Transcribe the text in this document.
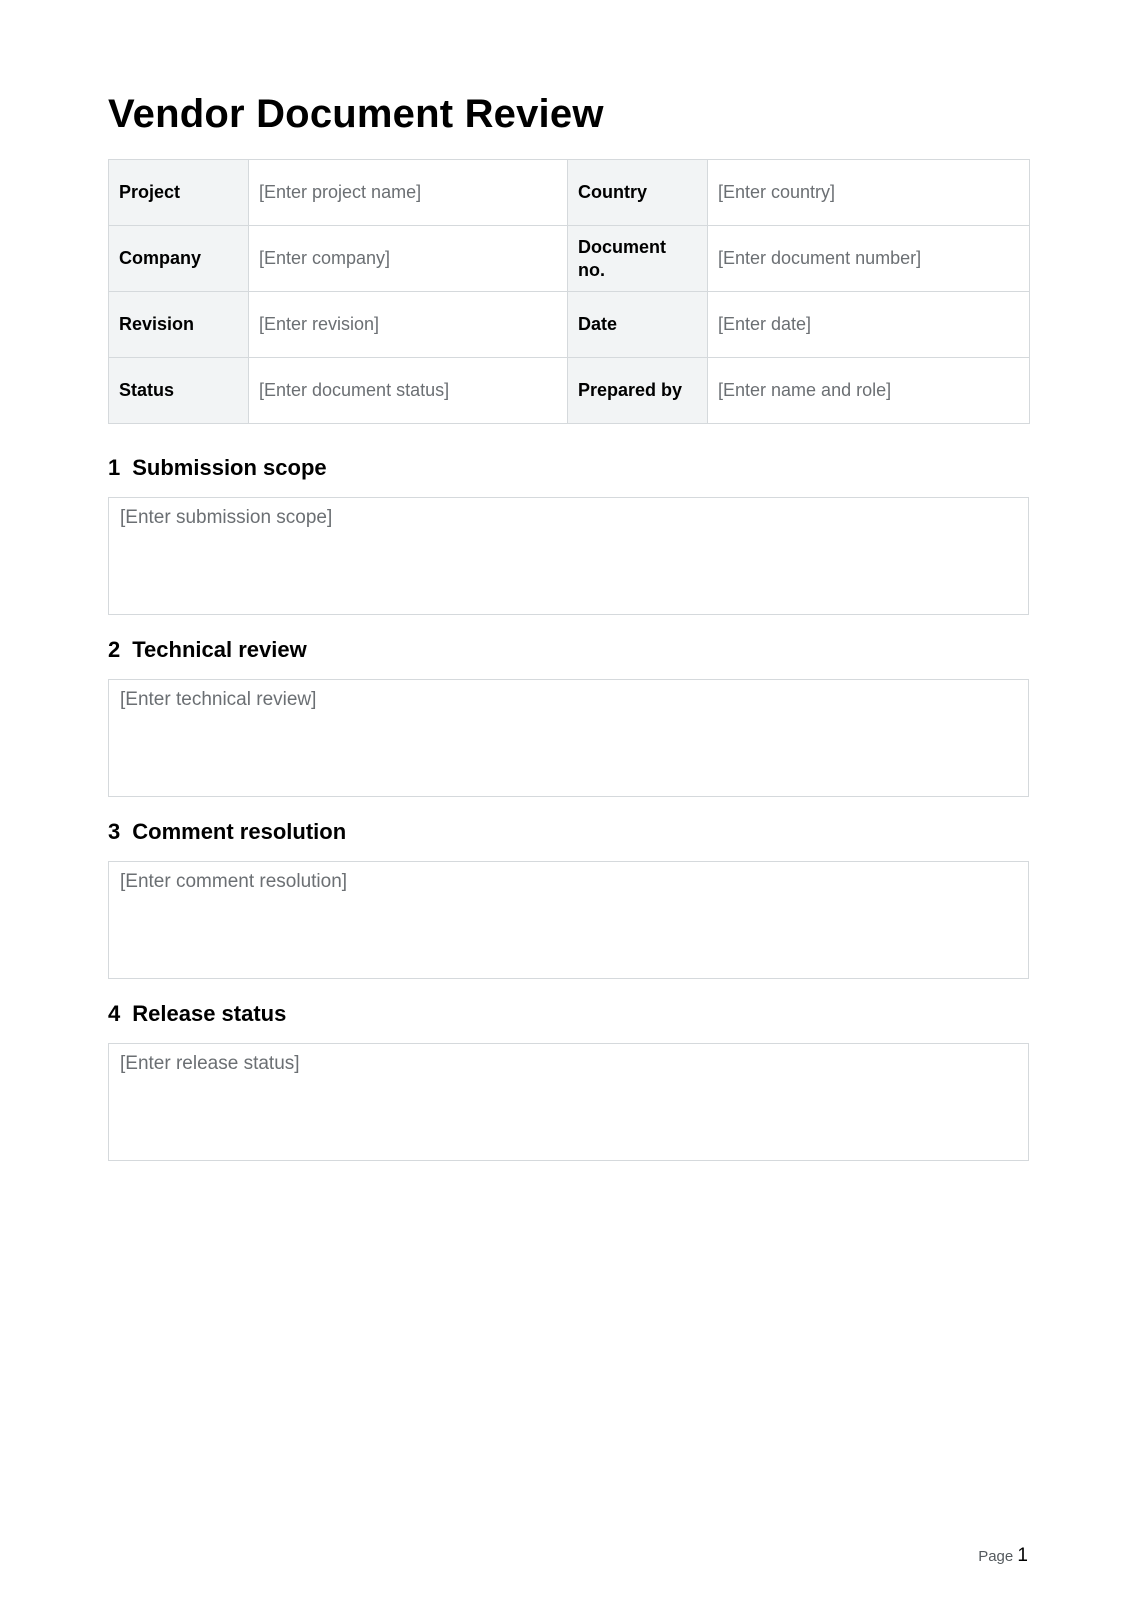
Vendor Document Review
Project	[Enter project name]	Country	[Enter country]
Company	[Enter company]	Document no.	[Enter document number]
Revision	[Enter revision]	Date	[Enter date]
Status	[Enter document status]	Prepared by	[Enter name and role]
1 Submission scope
[Enter submission scope]
2 Technical review
[Enter technical review]
3 Comment resolution
[Enter comment resolution]
4 Release status
[Enter release status]
Page 1
